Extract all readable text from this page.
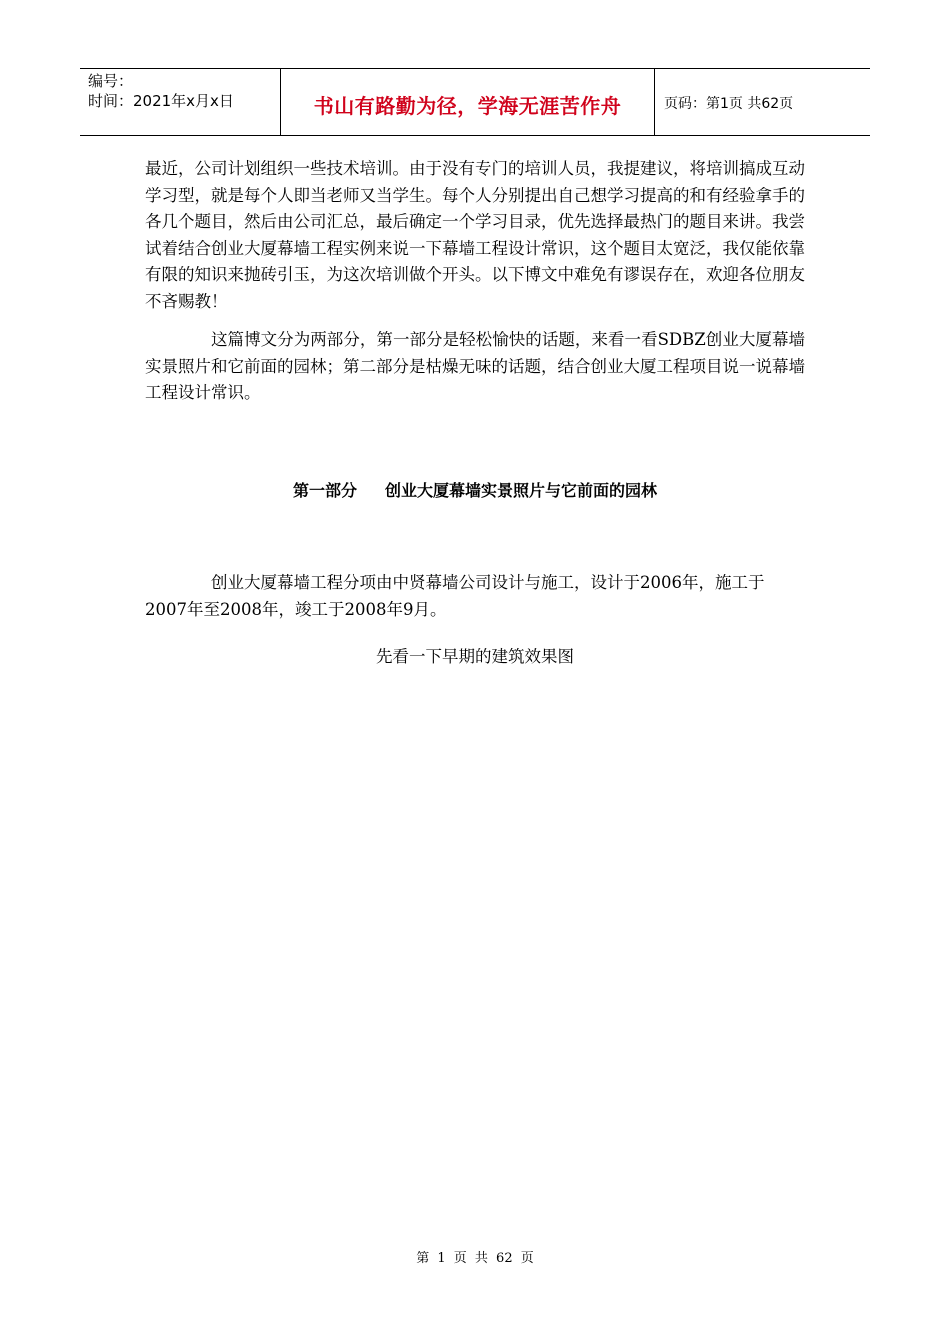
编号：
时间：2021年x月x日	书山有路勤为径，学海无涯苦作舟	页码：第1页 共62页

最近，公司计划组织一些技术培训。由于没有专门的培训人员，我提建议，将培训搞成互动学习型，就是每个人即当老师又当学生。每个人分别提出自己想学习提高的和有经验拿手的各几个题目，然后由公司汇总，最后确定一个学习目录，优先选择最热门的题目来讲。我尝试着结合创业大厦幕墙工程实例来说一下幕墙工程设计常识，这个题目太宽泛，我仅能依靠有限的知识来抛砖引玉，为这次培训做个开头。以下博文中难免有谬误存在，欢迎各位朋友不吝赐教！

这篇博文分为两部分，第一部分是轻松愉快的话题，来看一看SDBZ创业大厦幕墙实景照片和它前面的园林；第二部分是枯燥无味的话题，结合创业大厦工程项目说一说幕墙工程设计常识。

第一部分 创业大厦幕墙实景照片与它前面的园林

创业大厦幕墙工程分项由中贤幕墙公司设计与施工，设计于2006年，施工于2007年至2008年，竣工于2008年9月。

先看一下早期的建筑效果图

第 1 页 共 62 页
